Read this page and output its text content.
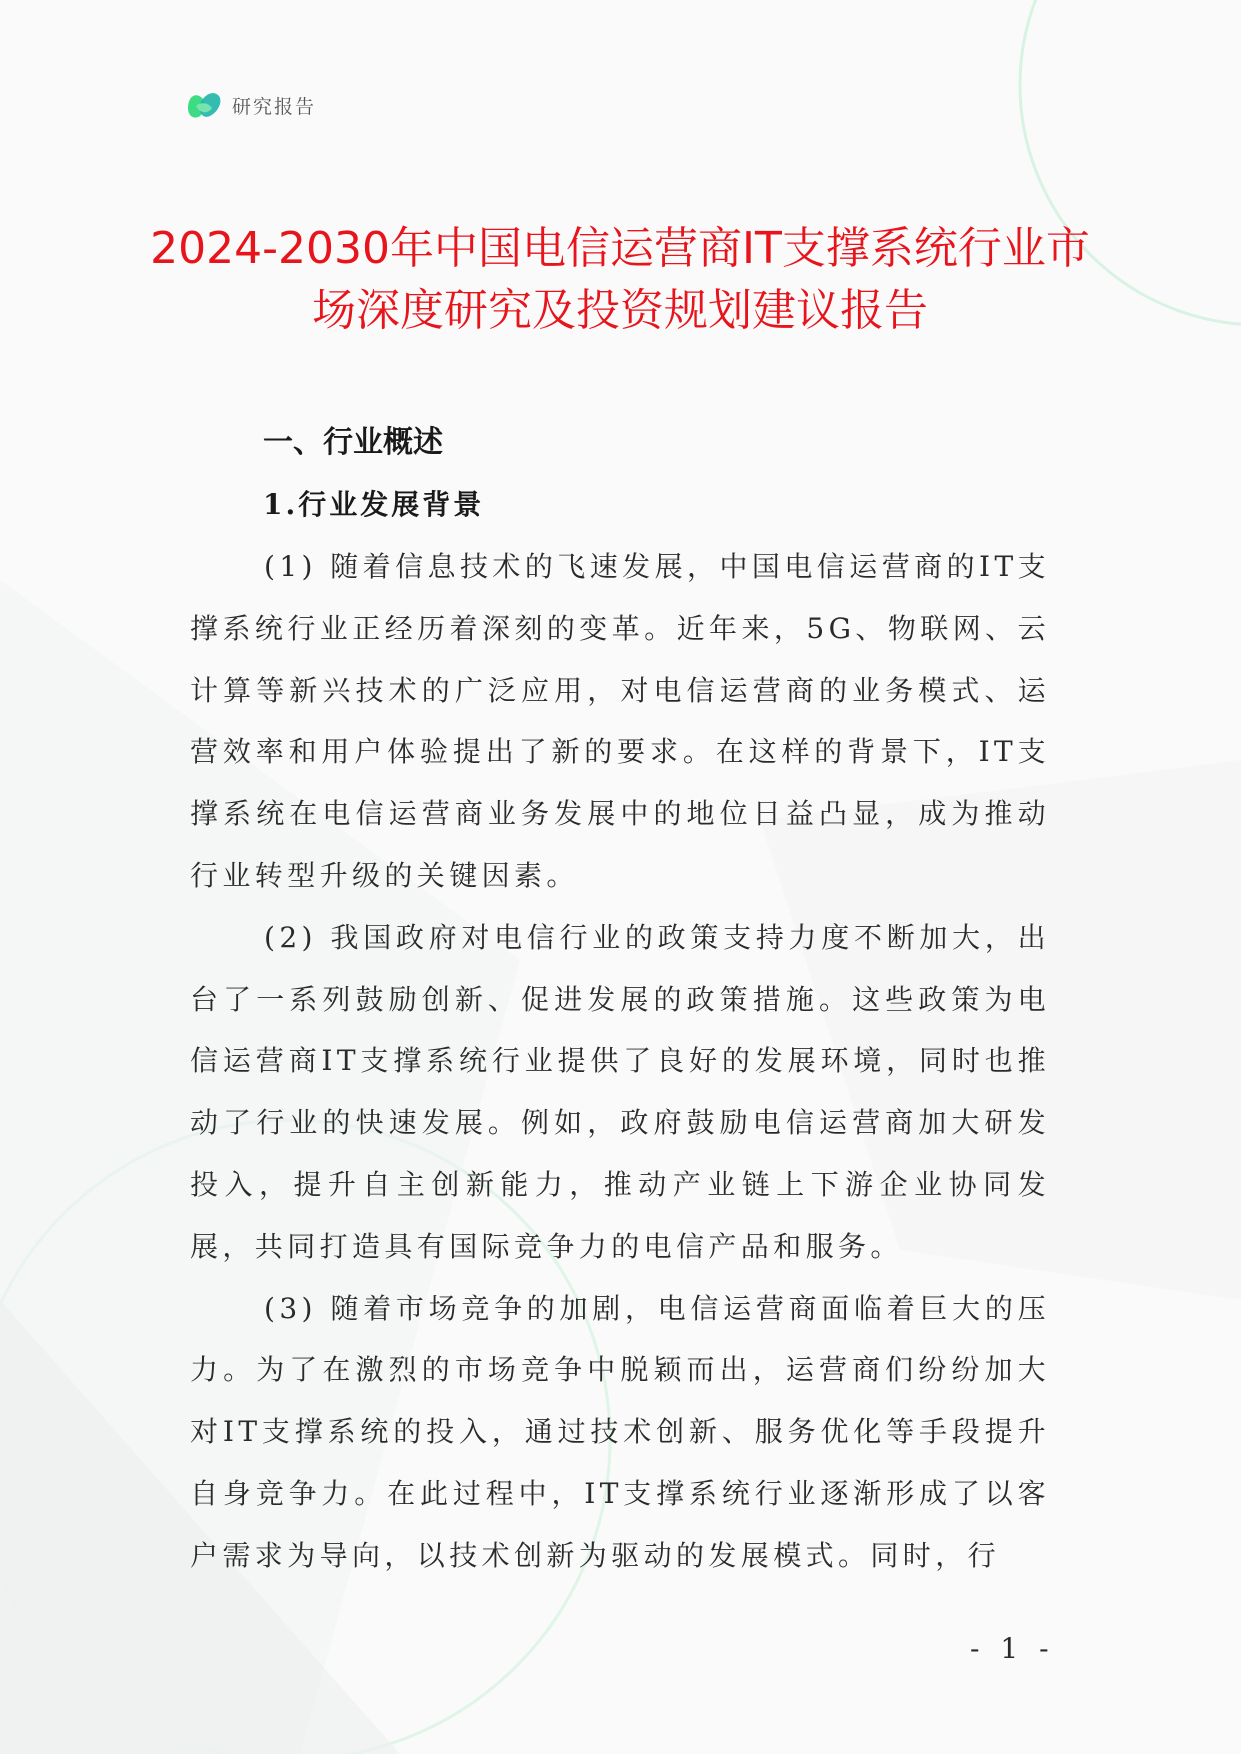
研究报告
2024-2030年中国电信运营商IT支撑系统行业市场深度研究及投资规划建议报告
一、行业概述
1.行业发展背景

(1) 随着信息技术的飞速发展，中国电信运营商的IT支撑系统行业正经历着深刻的变革。近年来，5G、物联网、云计算等新兴技术的广泛应用，对电信运营商的业务模式、运营效率和用户体验提出了新的要求。在这样的背景下，IT支撑系统在电信运营商业务发展中的地位日益凸显，成为推动行业转型升级的关键因素。

(2) 我国政府对电信行业的政策支持力度不断加大，出台了一系列鼓励创新、促进发展的政策措施。这些政策为电信运营商IT支撑系统行业提供了良好的发展环境，同时也推动了行业的快速发展。例如，政府鼓励电信运营商加大研发投入，提升自主创新能力，推动产业链上下游企业协同发展，共同打造具有国际竞争力的电信产品和服务。

(3) 随着市场竞争的加剧，电信运营商面临着巨大的压力。为了在激烈的市场竞争中脱颖而出，运营商们纷纷加大对IT支撑系统的投入，通过技术创新、服务优化等手段提升自身竞争力。在此过程中，IT支撑系统行业逐渐形成了以客户需求为导向，以技术创新为驱动的发展模式。同时，行

- 1 -
